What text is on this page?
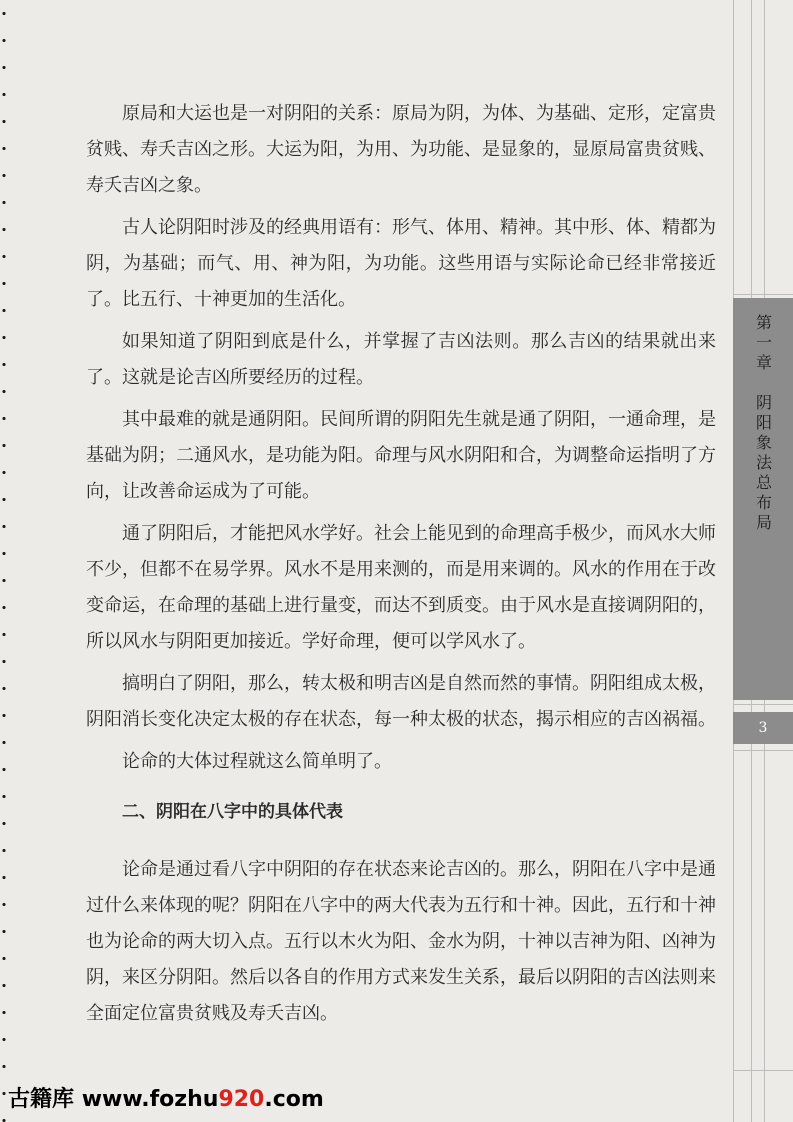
第一章　阴阳象法总布局
3

原局和大运也是一对阴阳的关系：原局为阴，为体、为基础、定形，定富贵贫贱、寿夭吉凶之形。大运为阳，为用、为功能、是显象的，显原局富贵贫贱、寿夭吉凶之象。

古人论阴阳时涉及的经典用语有：形气、体用、精神。其中形、体、精都为阴，为基础；而气、用、神为阳，为功能。这些用语与实际论命已经非常接近了。比五行、十神更加的生活化。

如果知道了阴阳到底是什么，并掌握了吉凶法则。那么吉凶的结果就出来了。这就是论吉凶所要经历的过程。

其中最难的就是通阴阳。民间所谓的阴阳先生就是通了阴阳，一通命理，是基础为阴；二通风水，是功能为阳。命理与风水阴阳和合，为调整命运指明了方向，让改善命运成为了可能。

通了阴阳后，才能把风水学好。社会上能见到的命理高手极少，而风水大师不少，但都不在易学界。风水不是用来测的，而是用来调的。风水的作用在于改变命运，在命理的基础上进行量变，而达不到质变。由于风水是直接调阴阳的，所以风水与阴阳更加接近。学好命理，便可以学风水了。

搞明白了阴阳，那么，转太极和明吉凶是自然而然的事情。阴阳组成太极，阴阳消长变化决定太极的存在状态，每一种太极的状态，揭示相应的吉凶祸福。

论命的大体过程就这么简单明了。

二、阴阳在八字中的具体代表

论命是通过看八字中阴阳的存在状态来论吉凶的。那么，阴阳在八字中是通过什么来体现的呢？阴阳在八字中的两大代表为五行和十神。因此，五行和十神也为论命的两大切入点。五行以木火为阳、金水为阴，十神以吉神为阳、凶神为阴，来区分阴阳。然后以各自的作用方式来发生关系，最后以阴阳的吉凶法则来全面定位富贵贫贱及寿夭吉凶。

古籍库 www.fozhu920.com
